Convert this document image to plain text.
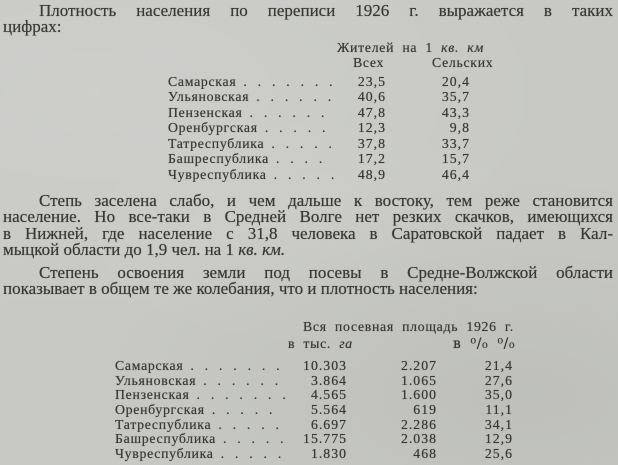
Плотность населения по переписи 1926 г. выражается в таких
цифрах:
Жителей на 1 кв. км
Всех	Сельских
Самарская . . . . . . .	23,5	20,4
Ульяновская . . . . . .	40,6	35,7
Пензенская . . . . . .	47,8	43,3
Оренбургская . . . . .	12,3	9,8
Татреспублика . . . . .	37,8	33,7
Башреспублика . . . .	17,2	15,7
Чувреспублика . . . . .	48,9	46,4
Степь заселена слабо, и чем дальше к востоку, тем реже становится
население. Но все-таки в Средней Волге нет резких скачков, имеющихся
в Нижней, где население с 31,8 человека в Саратовской падает в Кал-
мыцкой области до 1,9 чел. на 1 кв. км.
Степень освоения земли под посевы в Средне-Волжской области
показывает в общем те же колебания, что и плотность населения:
Вся посевная площадь 1926 г.
в тыс. га	в ⁰/₀ ⁰/₀
Самарская . . . . . . .	10.303	2.207	21,4
Ульяновская . . . . . .	3.864	1.065	27,6
Пензенская . . . . . . .	4.565	1.600	35,0
Оренбургская . . . . .	5.564	619	11,1
Татреспублика . . . . .	6.697	2.286	34,1
Башреспублика . . . . .	15.775	2.038	12,9
Чувреспублика . . . . .	1.830	468	25,6
